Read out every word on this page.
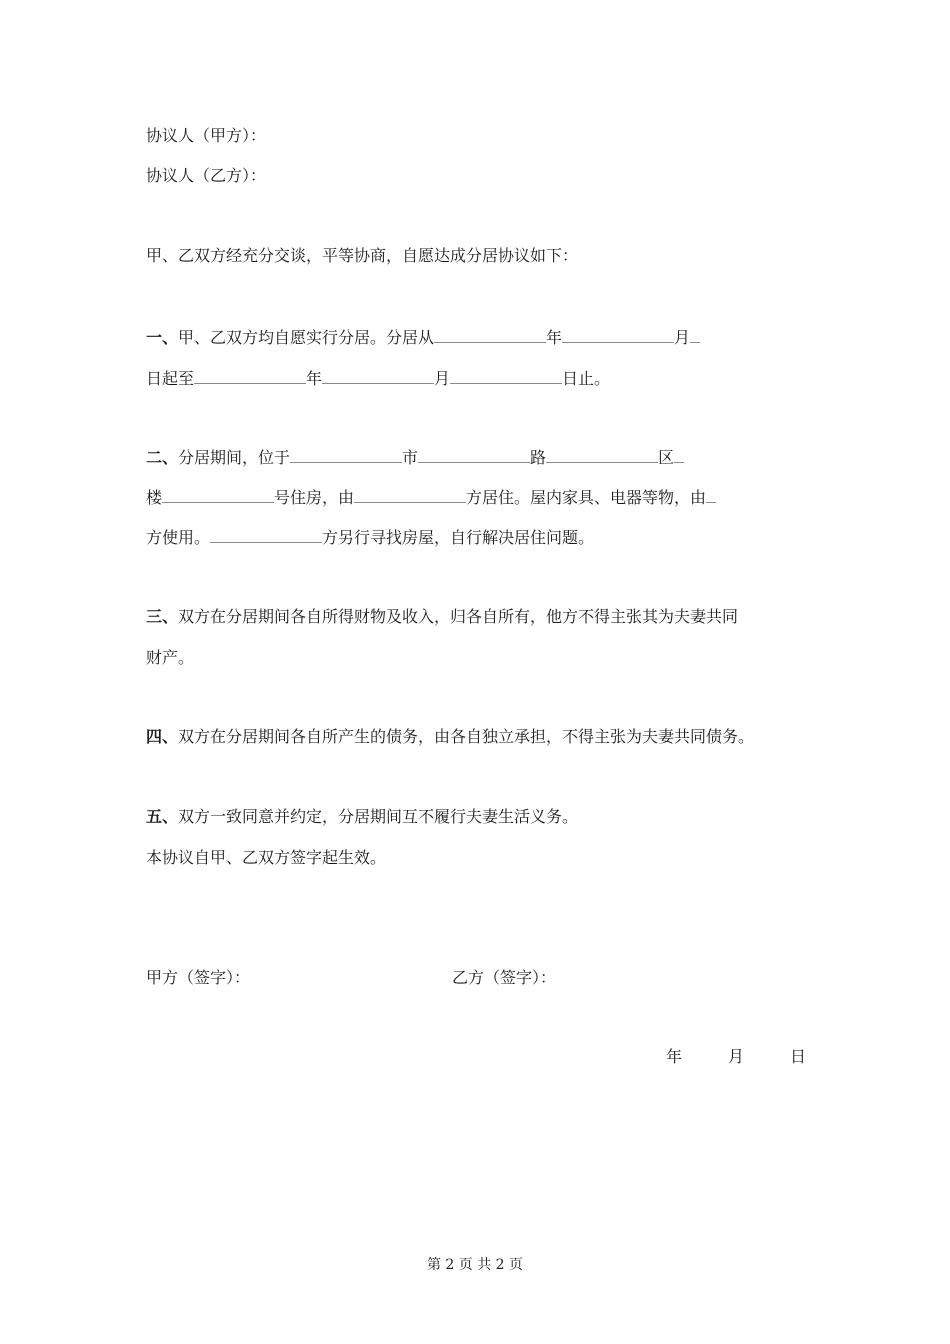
协议人（甲方）：
协议人（乙方）：
甲、乙双方经充分交谈，平等协商，自愿达成分居协议如下：
一、甲、乙双方均自愿实行分居。分居从	年	月
日起至	年	月	日止。
二、分居期间，位于	市	路	区
楼	号住房，由	方居住。屋内家具、电器等物，由
方使用。	方另行寻找房屋，自行解决居住问题。
三、双方在分居期间各自所得财物及收入，归各自所有，他方不得主张其为夫妻共同
财产。
四、双方在分居期间各自所产生的债务，由各自独立承担，不得主张为夫妻共同债务。
五、双方一致同意并约定，分居期间互不履行夫妻生活义务。
本协议自甲、乙双方签字起生效。
甲方（签字）：	乙方（签字）：
年	月	日
第 2 页 共 2 页
